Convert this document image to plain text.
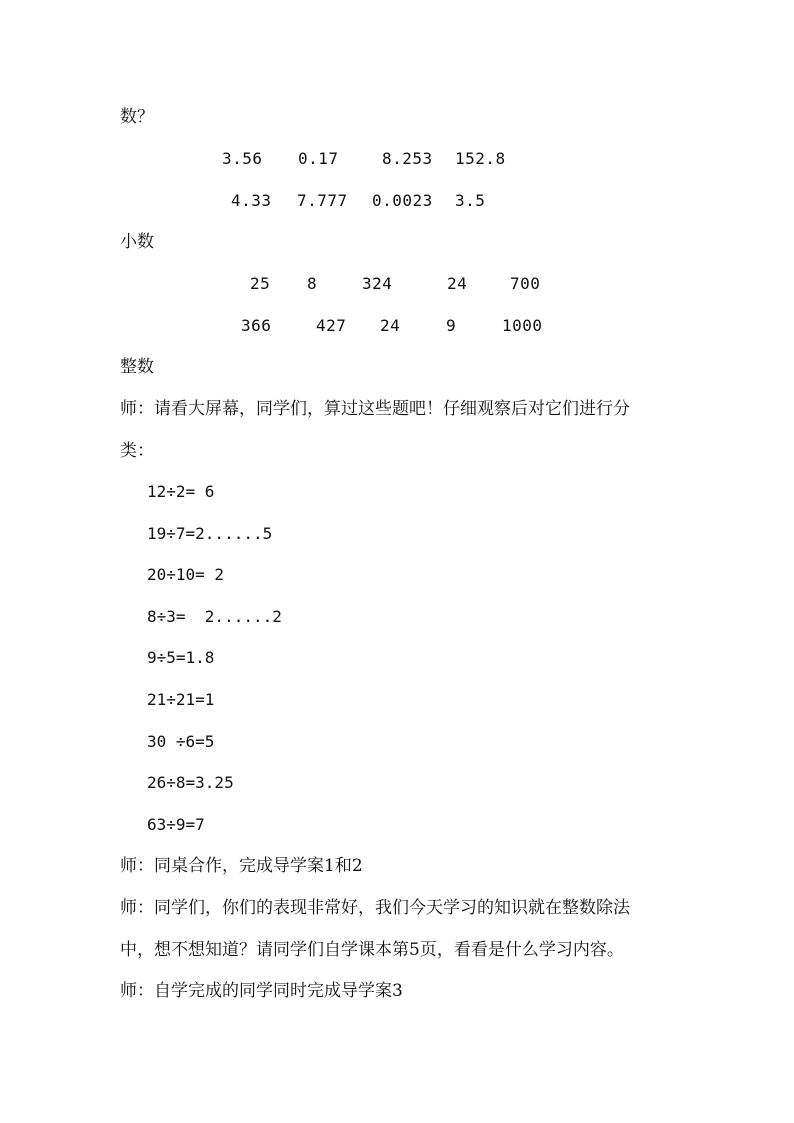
数？
3.56 0.17	8.253 152.8
4.33 7.777 0.0023 3.5
小数
25 8	324	24	700
366	427 24	9	1000
整数
师：请看大屏幕，同学们，算过这些题吧！仔细观察后对它们进行分
类：
12÷2= 6
19÷7=2......5
20÷10= 2
8÷3=  2......2
9÷5=1.8
21÷21=1
30 ÷6=5
26÷8=3.25
63÷9=7
师：同桌合作，完成导学案1和2
师：同学们，你们的表现非常好，我们今天学习的知识就在整数除法
中，想不想知道？请同学们自学课本第5页，看看是什么学习内容。
师：自学完成的同学同时完成导学案3
